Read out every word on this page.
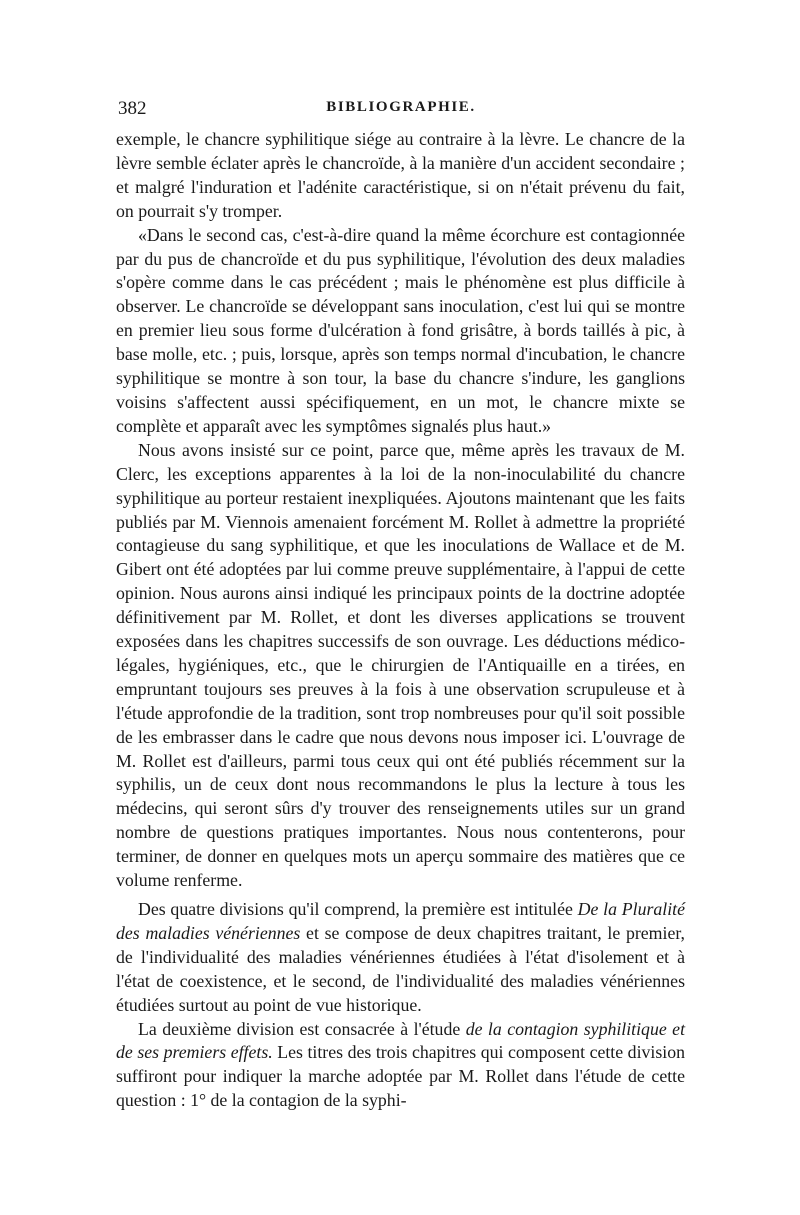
382	BIBLIOGRAPHIE.

exemple, le chancre syphilitique siége au contraire à la lèvre. Le chancre de la lèvre semble éclater après le chancroïde, à la manière d'un accident secondaire ; et malgré l'induration et l'adénite caractéristique, si on n'était prévenu du fait, on pourrait s'y tromper.

«Dans le second cas, c'est-à-dire quand la même écorchure est contagionnée par du pus de chancroïde et du pus syphilitique, l'évolution des deux maladies s'opère comme dans le cas précédent ; mais le phénomène est plus difficile à observer. Le chancroïde se développant sans inoculation, c'est lui qui se montre en premier lieu sous forme d'ulcération à fond grisâtre, à bords taillés à pic, à base molle, etc. ; puis, lorsque, après son temps normal d'incubation, le chancre syphilitique se montre à son tour, la base du chancre s'indure, les ganglions voisins s'affectent aussi spécifiquement, en un mot, le chancre mixte se complète et apparaît avec les symptômes signalés plus haut.»

Nous avons insisté sur ce point, parce que, même après les travaux de M. Clerc, les exceptions apparentes à la loi de la non-inoculabilité du chancre syphilitique au porteur restaient inexpliquées. Ajoutons maintenant que les faits publiés par M. Viennois amenaient forcément M. Rollet à admettre la propriété contagieuse du sang syphilitique, et que les inoculations de Wallace et de M. Gibert ont été adoptées par lui comme preuve supplémentaire, à l'appui de cette opinion. Nous aurons ainsi indiqué les principaux points de la doctrine adoptée définitivement par M. Rollet, et dont les diverses applications se trouvent exposées dans les chapitres successifs de son ouvrage. Les déductions médico-légales, hygiéniques, etc., que le chirurgien de l'Antiquaille en a tirées, en empruntant toujours ses preuves à la fois à une observation scrupuleuse et à l'étude approfondie de la tradition, sont trop nombreuses pour qu'il soit possible de les embrasser dans le cadre que nous devons nous imposer ici. L'ouvrage de M. Rollet est d'ailleurs, parmi tous ceux qui ont été publiés récemment sur la syphilis, un de ceux dont nous recommandons le plus la lecture à tous les médecins, qui seront sûrs d'y trouver des renseignements utiles sur un grand nombre de questions pratiques importantes. Nous nous contenterons, pour terminer, de donner en quelques mots un aperçu sommaire des matières que ce volume renferme.

Des quatre divisions qu'il comprend, la première est intitulée De la Pluralité des maladies vénériennes et se compose de deux chapitres traitant, le premier, de l'individualité des maladies vénériennes étudiées à l'état d'isolement et à l'état de coexistence, et le second, de l'individualité des maladies vénériennes étudiées surtout au point de vue historique.

La deuxième division est consacrée à l'étude de la contagion syphilitique et de ses premiers effets. Les titres des trois chapitres qui composent cette division suffiront pour indiquer la marche adoptée par M. Rollet dans l'étude de cette question : 1° de la contagion de la syphi-
